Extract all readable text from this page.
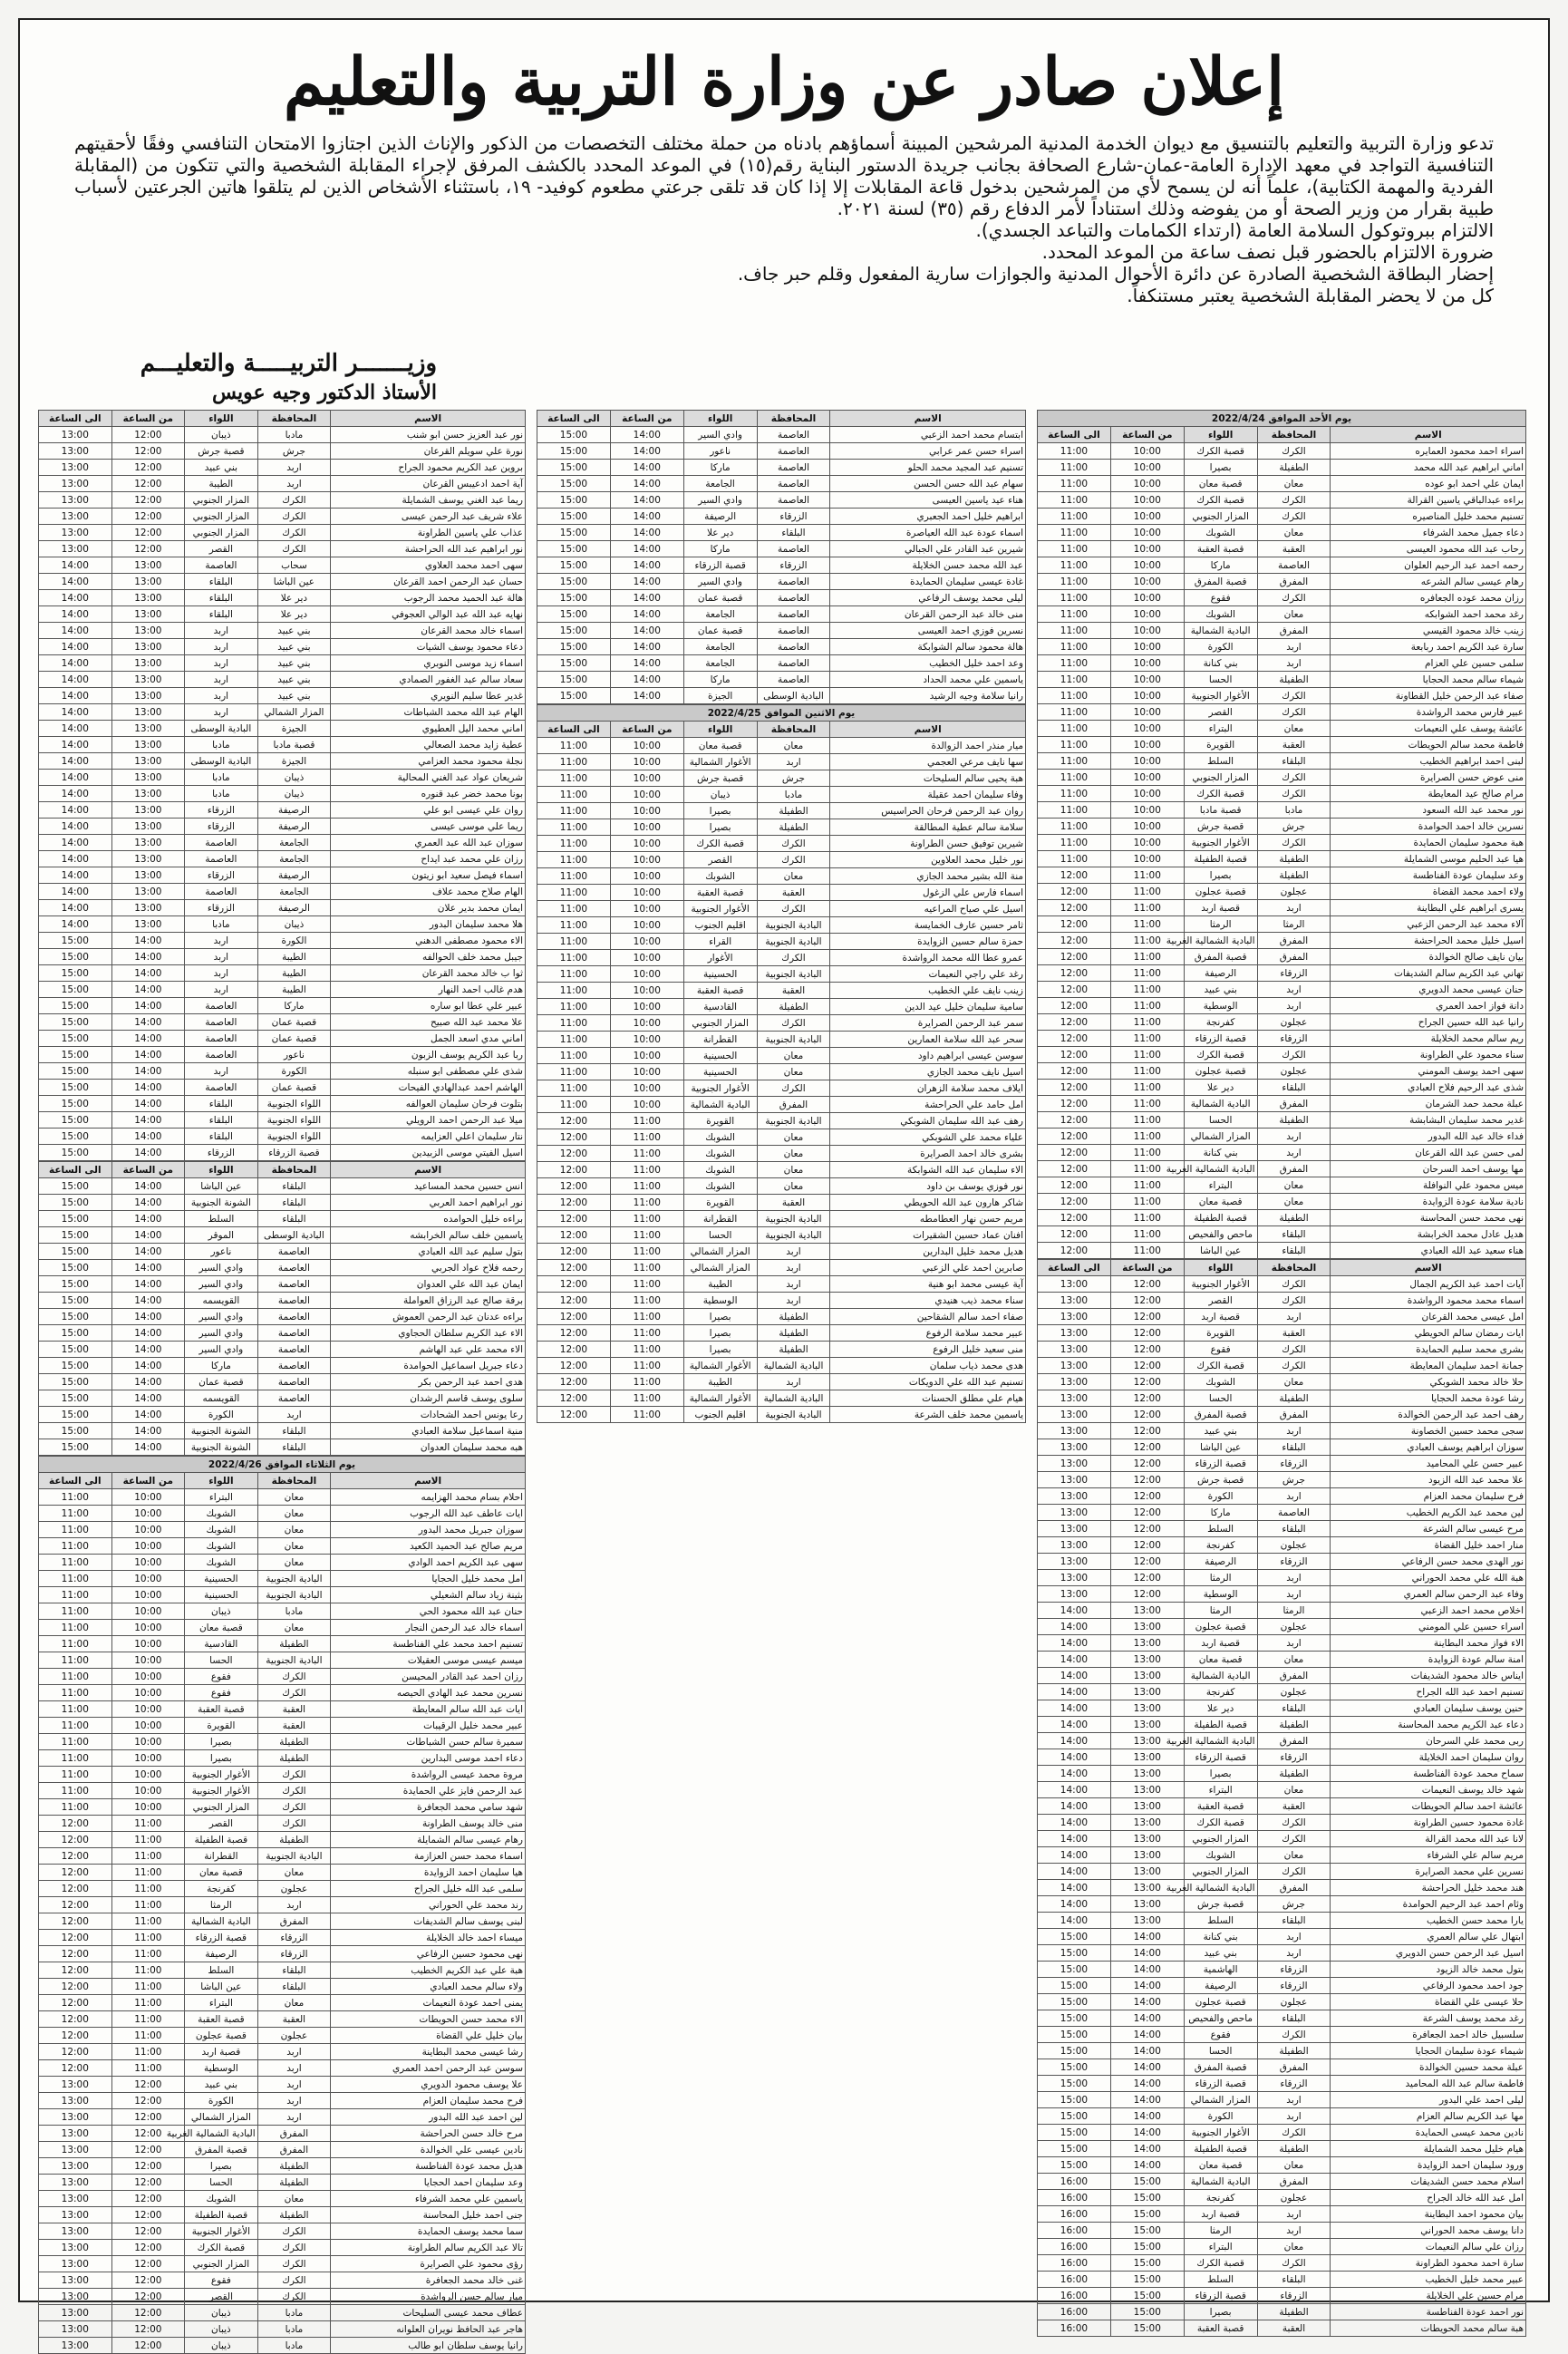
إعلان صادر عن وزارة التربية والتعليم

تدعو وزارة التربية والتعليم بالتنسيق مع ديوان الخدمة المدنية المرشحين المبينة أسماؤهم بادناه من حملة مختلف التخصصات من الذكور والإناث الذين اجتازوا الامتحان التنافسي وفقًا لأحقيتهم التنافسية التواجد في معهد الإدارة العامة-عمان-شارع الصحافة بجانب جريدة الدستور البناية رقم(١٥) في الموعد المحدد بالكشف المرفق لإجراء المقابلة الشخصية والتي تتكون من (المقابلة الفردية والمهمة الكتابية)، علماً أنه لن يسمح لأي من المرشحين بدخول قاعة المقابلات إلا إذا كان قد تلقى جرعتي مطعوم كوفيد- ١٩، باستثناء الأشخاص الذين لم يتلقوا هاتين الجرعتين لأسباب طبية بقرار من وزير الصحة أو من يفوضه وذلك استناداً لأمر الدفاع رقم (٣٥) لسنة ٢٠٢١.

الالتزام ببروتوكول السلامة العامة (ارتداء الكمامات والتباعد الجسدي).

ضرورة الالتزام بالحضور قبل نصف ساعة من الموعد المحدد.

إحضار البطاقة الشخصية الصادرة عن دائرة الأحوال المدنية والجوازات سارية المفعول وقلم حبر جاف.

كل من لا يحضر المقابلة الشخصية يعتبر مستنكفاً.

وزيـــــــر التربيـــــة والتعليـــم
الأستاذ الدكتور وجيه عويس
يوم الأحد الموافق 2022/4/24				
الاسم	المحافظة	اللواء	من الساعة	الى الساعة
اسراء احمد محمود العمايره	الكرك	قصبة الكرك	10:00	11:00
اماني ابراهيم عبد الله محمد	الطفيلة	بصيرا	10:00	11:00
ايمان علي احمد ابو عوده	معان	قصبة معان	10:00	11:00
براءه عبدالباقي ياسين القرالة	الكرك	قصبة الكرك	10:00	11:00
تسنيم محمد خليل المناصيره	الكرك	المزار الجنوبي	10:00	11:00
دعاء جميل محمد الشرفاء	معان	الشوبك	10:00	11:00
رحاب عبد الله محمود العيسى	العقبة	قصبة العقبة	10:00	11:00
رحمه احمد عبد الرحيم العلوان	العاصمة	ماركا	10:00	11:00
رهام عيسى سالم الشرعه	المفرق	قصبة المفرق	10:00	11:00
رزان محمد عوده الجعافره	الكرك	فقوع	10:00	11:00
رغد محمد احمد الشوابكه	معان	الشوبك	10:00	11:00
زينب خالد محمود القيسي	المفرق	البادية الشمالية	10:00	11:00
سارة عبد الكريم احمد ربابعة	اربد	الكورة	10:00	11:00
سلمى حسين علي العزام	اربد	بني كنانة	10:00	11:00
شيماء سالم محمد الحجايا	الطفيلة	الحسا	10:00	11:00
صفاء عبد الرحمن خليل القطاونة	الكرك	الأغوار الجنوبية	10:00	11:00
عبير فارس محمد الرواشدة	الكرك	القصر	10:00	11:00
عائشة يوسف علي النعيمات	معان	البتراء	10:00	11:00
فاطمة محمد سالم الحويطات	العقبة	القويرة	10:00	11:00
لبنى احمد ابراهيم الخطيب	البلقاء	السلط	10:00	11:00
منى عوض حسن الصرايرة	الكرك	المزار الجنوبي	10:00	11:00
مرام صالح عيد المعايطة	الكرك	قصبة الكرك	10:00	11:00
نور محمد عبد الله السعود	مادبا	قصبة مادبا	10:00	11:00
نسرين خالد احمد الحوامدة	جرش	قصبة جرش	10:00	11:00
هبة محمود سليمان الحمايدة	الكرك	الأغوار الجنوبية	10:00	11:00
هيا عبد الحليم موسى الشمايلة	الطفيلة	قصبة الطفيلة	10:00	11:00
وعد سليمان عودة الفناطسة	الطفيلة	بصيرا	11:00	12:00
ولاء احمد محمد القضاة	عجلون	قصبة عجلون	11:00	12:00
يسرى ابراهيم علي البطاينة	اربد	قصبة اربد	11:00	12:00
آلاء محمد عبد الرحمن الزعبي	الرمثا	الرمثا	11:00	12:00
اسيل خليل محمد الحراحشة	المفرق	البادية الشمالية الغربية	11:00	12:00
بيان نايف صالح الخوالدة	المفرق	قصبة المفرق	11:00	12:00
تهاني عبد الكريم سالم الشديفات	الزرقاء	الرصيفة	11:00	12:00
حنان عيسى محمد الدويري	اربد	بني عبيد	11:00	12:00
دانة فواز احمد العمري	اربد	الوسطية	11:00	12:00
رانيا عبد الله حسين الجراح	عجلون	كفرنجة	11:00	12:00
ريم سالم محمد الخلايلة	الزرقاء	قصبة الزرقاء	11:00	12:00
سناء محمود علي الطراونة	الكرك	قصبة الكرك	11:00	12:00
سهى احمد يوسف المومني	عجلون	قصبة عجلون	11:00	12:00
شذى عبد الرحيم فلاح العبادي	البلقاء	دير علا	11:00	12:00
عبلة محمد حمد الشرمان	المفرق	البادية الشمالية	11:00	12:00
غدير محمد سليمان البشابشة	الطفيلة	الحسا	11:00	12:00
فداء خالد عبد الله البدور	اربد	المزار الشمالي	11:00	12:00
لمى حسن عبد الله القرعان	اربد	بني كنانة	11:00	12:00
مها يوسف احمد السرحان	المفرق	البادية الشمالية الغربية	11:00	12:00
ميس محمود علي النوافلة	معان	البتراء	11:00	12:00
نادية سلامة عودة الزوايدة	معان	قصبة معان	11:00	12:00
نهى محمد حسن المحاسنة	الطفيلة	قصبة الطفيلة	11:00	12:00
هديل عادل محمد الخرابشة	البلقاء	ماحص والفحيص	11:00	12:00
هناء سعيد عبد الله العبادي	البلقاء	عين الباشا	11:00	12:00
الاسم	المحافظة	اللواء	من الساعة	الى الساعة
آيات احمد عبد الكريم الجمال	الكرك	الأغوار الجنوبية	12:00	13:00
اسماء محمد محمود الرواشدة	الكرك	القصر	12:00	13:00
امل عيسى محمد القرعان	اربد	قصبة اربد	12:00	13:00
ايات رمضان سالم الحويطي	العقبة	القويرة	12:00	13:00
بشرى محمد سليم الحمايدة	الكرك	فقوع	12:00	13:00
جمانة احمد سليمان المعايطة	الكرك	قصبة الكرك	12:00	13:00
حلا خالد محمد الشوبكي	معان	الشوبك	12:00	13:00
رشا عودة محمد الحجايا	الطفيلة	الحسا	12:00	13:00
رهف احمد عبد الرحمن الخوالدة	المفرق	قصبة المفرق	12:00	13:00
سجى محمد حسين الخصاونة	اربد	بني عبيد	12:00	13:00
سوزان ابراهيم يوسف العبادي	البلقاء	عين الباشا	12:00	13:00
عبير حسن علي المحاميد	الزرقاء	قصبة الزرقاء	12:00	13:00
علا محمد عبد الله الزيود	جرش	قصبة جرش	12:00	13:00
فرح سليمان محمد العزام	اربد	الكورة	12:00	13:00
لين محمد عبد الكريم الخطيب	العاصمة	ماركا	12:00	13:00
مرح عيسى سالم الشرعة	البلقاء	السلط	12:00	13:00
منار احمد خليل القضاة	عجلون	كفرنجة	12:00	13:00
نور الهدى محمد حسن الرفاعي	الزرقاء	الرصيفة	12:00	13:00
هبة الله علي محمد الحوراني	اربد	الرمثا	12:00	13:00
وفاء عبد الرحمن سالم العمري	اربد	الوسطية	12:00	13:00
اخلاص محمد احمد الزعبي	الرمثا	الرمثا	13:00	14:00
اسراء حسين علي المومني	عجلون	قصبة عجلون	13:00	14:00
الاء فواز محمد البطاينة	اربد	قصبة اربد	13:00	14:00
امنة سالم عودة الزوايدة	معان	قصبة معان	13:00	14:00
ايناس خالد محمود الشديفات	المفرق	البادية الشمالية	13:00	14:00
تسنيم احمد عبد الله الجراح	عجلون	كفرنجة	13:00	14:00
حنين يوسف سليمان العبادي	البلقاء	دير علا	13:00	14:00
دعاء عبد الكريم محمد المحاسنة	الطفيلة	قصبة الطفيلة	13:00	14:00
ربى محمد علي السرحان	المفرق	البادية الشمالية الغربية	13:00	14:00
روان سليمان احمد الخلايلة	الزرقاء	قصبة الزرقاء	13:00	14:00
سماح محمد عودة الفناطسة	الطفيلة	بصيرا	13:00	14:00
شهد خالد يوسف النعيمات	معان	البتراء	13:00	14:00
عائشة احمد سالم الحويطات	العقبة	قصبة العقبة	13:00	14:00
غادة محمود حسين الطراونة	الكرك	قصبة الكرك	13:00	14:00
لانا عبد الله محمد القرالة	الكرك	المزار الجنوبي	13:00	14:00
مريم سالم علي الشرفاء	معان	الشوبك	13:00	14:00
نسرين علي محمد الصرايرة	الكرك	المزار الجنوبي	13:00	14:00
هند محمد خليل الحراحشة	المفرق	البادية الشمالية الغربية	13:00	14:00
وئام احمد عبد الرحيم الحوامدة	جرش	قصبة جرش	13:00	14:00
يارا محمد حسن الخطيب	البلقاء	السلط	13:00	14:00
ابتهال علي سالم العمري	اربد	بني كنانة	14:00	15:00
اسيل عبد الرحمن حسن الدويري	اربد	بني عبيد	14:00	15:00
بتول محمد خالد الزيود	الزرقاء	الهاشمية	14:00	15:00
جود احمد محمود الرفاعي	الزرقاء	الرصيفة	14:00	15:00
حلا عيسى علي القضاة	عجلون	قصبة عجلون	14:00	15:00
رغد محمد يوسف الشرعة	البلقاء	ماحص والفحيص	14:00	15:00
سلسبيل خالد احمد الجعافرة	الكرك	فقوع	14:00	15:00
شيماء عودة سليمان الحجايا	الطفيلة	الحسا	14:00	15:00
عبلة محمد حسين الخوالدة	المفرق	قصبة المفرق	14:00	15:00
فاطمة سالم عبد الله المحاميد	الزرقاء	قصبة الزرقاء	14:00	15:00
ليلى احمد علي البدور	اربد	المزار الشمالي	14:00	15:00
مها عبد الكريم سالم العزام	اربد	الكورة	14:00	15:00
نادين محمد عيسى الحمايدة	الكرك	الأغوار الجنوبية	14:00	15:00
هيام خليل محمد الشمايلة	الطفيلة	قصبة الطفيلة	14:00	15:00
ورود سليمان احمد الزوايدة	معان	قصبة معان	14:00	15:00
اسلام محمد حسن الشديفات	المفرق	البادية الشمالية	15:00	16:00
امل عبد الله خالد الجراح	عجلون	كفرنجة	15:00	16:00
بيان محمود احمد البطاينة	اربد	قصبة اربد	15:00	16:00
دانا يوسف محمد الحوراني	اربد	الرمثا	15:00	16:00
رزان علي سالم النعيمات	معان	البتراء	15:00	16:00
سارة احمد محمود الطراونة	الكرك	قصبة الكرك	15:00	16:00
عبير محمد خليل الخطيب	البلقاء	السلط	15:00	16:00
مرام حسين علي الخلايلة	الزرقاء	قصبة الزرقاء	15:00	16:00
نور احمد عودة الفناطسة	الطفيلة	بصيرا	15:00	16:00
هبة سالم محمد الحويطات	العقبة	قصبة العقبة	15:00	16:00
الاسم	المحافظة	اللواء	من الساعة	الى الساعة
ابتسام محمد احمد الزعبي	العاصمة	وادي السير	14:00	15:00
اسراء حسن عمر عرابي	العاصمة	ناعور	14:00	15:00
تسنيم عبد المجيد محمد الحلو	العاصمة	ماركا	14:00	15:00
سهام عبد الله حسن الحسن	العاصمة	الجامعة	14:00	15:00
هناء عيد ياسين العيسى	العاصمة	وادي السير	14:00	15:00
ابراهيم خليل احمد الجعبري	الزرقاء	الرصيفة	14:00	15:00
اسماء عودة عبد الله العياصرة	البلقاء	دير علا	14:00	15:00
شيرين عبد القادر علي الجبالي	العاصمة	ماركا	14:00	15:00
عبد الله محمد حسن الخلايلة	الزرقاء	قصبة الزرقاء	14:00	15:00
غادة عيسى سليمان الحمايدة	العاصمة	وادي السير	14:00	15:00
ليلى محمد يوسف الرفاعي	العاصمة	قصبة عمان	14:00	15:00
منى خالد عبد الرحمن القرعان	العاصمة	الجامعة	14:00	15:00
نسرين فوزي احمد العيسى	العاصمة	قصبة عمان	14:00	15:00
هالة محمود سالم الشوابكة	العاصمة	الجامعة	14:00	15:00
وعد احمد خليل الخطيب	العاصمة	الجامعة	14:00	15:00
ياسمين علي محمد الحداد	العاصمة	ماركا	14:00	15:00
رانيا سلامة وجيه الرشيد	البادية الوسطى	الجيزة	14:00	15:00
يوم الاثنين الموافق 2022/4/25				
الاسم	المحافظة	اللواء	من الساعة	الى الساعة
ميار منذر احمد الزوالدة	معان	قصبة معان	10:00	11:00
سها نايف مرعي العجمي	اربد	الأغوار الشمالية	10:00	11:00
هبة يحيى سالم السليحات	جرش	قصبة جرش	10:00	11:00
وفاء سليمان احمد عقيلة	مادبا	ذيبان	10:00	11:00
روان عبد الرحمن فرحان الحراسيس	الطفيلة	بصيرا	10:00	11:00
سلامة سالم عطية المطالقة	الطفيلة	بصيرا	10:00	11:00
شيرين توفيق حسن الطراونة	الكرك	قصبة الكرك	10:00	11:00
نور خليل محمد العلاوين	الكرك	القصر	10:00	11:00
منة الله بشير محمد الجازي	معان	الشوبك	10:00	11:00
اسماء فارس علي الزغول	العقبة	قصبة العقبة	10:00	11:00
اسيل علي صياح المراعيه	الكرك	الأغوار الجنوبية	10:00	11:00
ثامر حسين عارف الخمايسة	البادية الجنوبية	اقليم الجنوب	10:00	11:00
حمزة سالم حسين الزوايدة	البادية الجنوبية	القراء	10:00	11:00
عمرو عطا الله محمد الرواشدة	الكرك	الأغوار	10:00	11:00
رغد علي راجي النعيمات	البادية الجنوبية	الحسينية	10:00	11:00
زينب نايف علي الخطيب	العقبة	قصبة العقبة	10:00	11:00
سامية سليمان خليل عيد الدين	الطفيلة	القادسية	10:00	11:00
سمر عبد الرحمن الصرايرة	الكرك	المزار الجنوبي	10:00	11:00
سحر عبد الله سلامة العمارين	البادية الجنوبية	القطرانة	10:00	11:00
سوسن عيسى ابراهيم داود	معان	الحسينية	10:00	11:00
اسيل نايف محمد الجازي	معان	الحسينية	10:00	11:00
ايلاف محمد سلامة الزهران	الكرك	الأغوار الجنوبية	10:00	11:00
امل حامد علي الحراحشة	المفرق	البادية الشمالية	10:00	11:00
رهف عبد الله سليمان الشوبكي	البادية الجنوبية	القويرة	11:00	12:00
علياء محمد علي الشوبكي	معان	الشوبك	11:00	12:00
بشرى خالد احمد الصرايرة	معان	الشوبك	11:00	12:00
الاء سليمان عبد الله الشوابكة	معان	الشوبك	11:00	12:00
نور فوزي يوسف بن داود	معان	الشوبك	11:00	12:00
شاكر هارون عبد الله الحويطي	العقبة	القويرة	11:00	12:00
مريم حسن نهار العطامطه	البادية الجنوبية	القطرانة	11:00	12:00
افنان عماد حسين الشقيرات	البادية الجنوبية	الحسا	11:00	12:00
هديل محمد خليل البدارين	اربد	المزار الشمالي	11:00	12:00
صابرين احمد علي الزعبي	اربد	المزار الشمالي	11:00	12:00
آية عيسى محمد ابو هنية	اربد	الطيبة	11:00	12:00
سناء محمد ذيب هنيدي	اربد	الوسطية	11:00	12:00
صفاء احمد سالم الشقاحين	الطفيلة	بصيرا	11:00	12:00
عبير محمد سلامة الرفوع	الطفيلة	بصيرا	11:00	12:00
منى سعيد خليل الرفوع	الطفيلة	بصيرا	11:00	12:00
هدى محمد ذياب سلمان	البادية الشمالية	الأغوار الشمالية	11:00	12:00
تسنيم عبد الله علي الدويكات	اربد	الطيبة	11:00	12:00
هيام علي مطلق الحسنات	البادية الشمالية	الأغوار الشمالية	11:00	12:00
ياسمين محمد خلف الشرعة	البادية الجنوبية	اقليم الجنوب	11:00	12:00
الاسم	المحافظة	اللواء	من الساعة	الى الساعة
نور عبد العزيز حسن ابو شنب	مادبا	ذيبان	12:00	13:00
نورة علي سويلم القرعان	جرش	قصبة جرش	12:00	13:00
بروين عبد الكريم محمود الجراح	اربد	بني عبيد	12:00	13:00
آية احمد ادعيبس القرعان	اربد	الطيبة	12:00	13:00
ريما عبد الغني يوسف الشمايلة	الكرك	المزار الجنوبي	12:00	13:00
علاء شريف عبد الرحمن عيسى	الكرك	المزار الجنوبي	12:00	13:00
عذاب علي ياسين الطراونة	الكرك	المزار الجنوبي	12:00	13:00
نور ابراهيم عبد الله الحراحشة	الكرك	القصر	12:00	13:00
سهى احمد محمد العلاوي	سحاب	العاصمة	13:00	14:00
حسان عبد الرحمن احمد القرعان	عين الباشا	البلقاء	13:00	14:00
هالة عبد الحميد محمد الرجوب	دير علا	البلقاء	13:00	14:00
نهايه عبد الله عبد الوالي العجوفي	دير علا	البلقاء	13:00	14:00
اسماء خالد محمد القرعان	بني عبيد	اربد	13:00	14:00
دعاء محمود يوسف الشيات	بني عبيد	اربد	13:00	14:00
اسماء زيد موسى النوبري	بني عبيد	اربد	13:00	14:00
سعاد سالم عبد الغفور الصمادي	بني عبيد	اربد	13:00	14:00
غدير عطا سليم النويري	بني عبيد	اربد	13:00	14:00
الهام عبد الله محمد الشباطات	المزار الشمالي	اربد	13:00	14:00
اماني محمد اليل العطيوي	الجيزة	البادية الوسطى	13:00	14:00
عطية زايد محمد الصعالي	قصبة مادبا	مادبا	13:00	14:00
نجلة محمود محمد العزامي	الجيزة	البادية الوسطى	13:00	14:00
شريعان عواد عبد الغني المحالية	ذيبان	مادبا	13:00	14:00
بونا محمد خضر عبد قنوره	ذيبان	مادبا	13:00	14:00
روان علي عيسى ابو علي	الرصيفة	الزرقاء	13:00	14:00
ريما علي موسى عيسى	الرصيفة	الزرقاء	13:00	14:00
سوزان عبد الله عبد العمري	الجامعة	العاصمة	13:00	14:00
رزان علي محمد عبد ايداح	الجامعة	العاصمة	13:00	14:00
اسماء فيصل سعيد ابو زيتون	الرصيفة	الزرقاء	13:00	14:00
الهام صلاح محمد علاف	الجامعة	العاصمة	13:00	14:00
ايمان محمد بدير علان	الرصيفة	الزرقاء	13:00	14:00
هلا محمد سليمان البدور	ذيبان	مادبا	13:00	14:00
الاء محمود مصطفى الدهني	الكورة	اربد	14:00	15:00
جيبل محمد خلف الحوالفه	الطيبة	اربد	14:00	15:00
ثوا ب خالد محمد القرعان	الطيبة	اربد	14:00	15:00
هدم غالب احمد النهار	الطيبة	اربد	14:00	15:00
عبير علي عطا ابو ساره	ماركا	العاصمة	14:00	15:00
علا محمد عبد الله صبيح	قصبة عمان	العاصمة	14:00	15:00
اماني مدي اسعد الجمل	قصبة عمان	العاصمة	14:00	15:00
ربا عبد الكريم يوسف الزبون	ناعور	العاصمة	14:00	15:00
شذى علي مصطفى ابو سنبله	الكورة	اربد	14:00	15:00
الهاشم احمد عبدالهادي الفيحات	قصبة عمان	العاصمة	14:00	15:00
بتلوت فرحان سليمان العوالفه	اللواء الجنوبية	البلقاء	14:00	15:00
ميلا عبد الرحمن احمد الرويلي	اللواء الجنوبية	البلقاء	14:00	15:00
نتار سليمان اعلي العزايمه	اللواء الجنوبية	البلقاء	14:00	15:00
اسيل الفيتي موسى الزبيدين	قصبة الزرقاء	الزرقاء	14:00	15:00
الاسم	المحافظة	اللواء	من الساعة	الى الساعة
انس حسين محمد المساعيد	البلقاء	عين الباشا	14:00	15:00
نور ابراهيم احمد العربي	البلقاء	الشونة الجنوبية	14:00	15:00
براءه خليل الحوامده	البلقاء	السلط	14:00	15:00
ياسمين خلف سالم الخرابشه	البادية الوسطى	الموقر	14:00	15:00
بتول سليم عبد الله العبادي	العاصمة	ناعور	14:00	15:00
رحمه فلاح عواد الجربي	العاصمة	وادي السير	14:00	15:00
ايمان عبد الله علي العدوان	العاصمة	وادي السير	14:00	15:00
برقة صالح عبد الرزاق العواملة	العاصمة	القويسمه	14:00	15:00
براءه عدنان عبد الرحمن العموش	العاصمة	وادي السير	14:00	15:00
الاء عبد الكريم سلطان الحجاوي	العاصمة	وادي السير	14:00	15:00
الاء محمد علي عبد الهاشم	العاصمة	وادي السير	14:00	15:00
دعاء جبريل اسماعيل الحوامدة	العاصمة	ماركا	14:00	15:00
هدى احمد عبد الرحمن بكر	العاصمة	قصبة عمان	14:00	15:00
سلوى يوسف قاسم الرشدان	العاصمة	القويسمه	14:00	15:00
رعا يونس احمد الشحادات	اربد	الكورة	14:00	15:00
منية اسماعيل سلامة العبادي	البلقاء	الشونة الجنوبية	14:00	15:00
هبه محمد سليمان العدوان	البلقاء	الشونة الجنوبية	14:00	15:00
يوم الثلاثاء الموافق 2022/4/26				
الاسم	المحافظة	اللواء	من الساعة	الى الساعة
احلام بسام محمد الهزايمه	معان	البتراء	10:00	11:00
ايات عاطف عبد الله الرجوب	معان	الشوبك	10:00	11:00
سوزان جبريل محمد البدور	معان	الشوبك	10:00	11:00
مريم صالح عبد الحميد الكعيد	معان	الشوبك	10:00	11:00
سهى عبد الكريم احمد الوادي	معان	الشوبك	10:00	11:00
امل محمد خليل الحجايا	البادية الجنوبية	الحسينية	10:00	11:00
بثينة زياد سالم الشعيلي	البادية الجنوبية	الحسينية	10:00	11:00
حنان عبد الله محمود الحي	مادبا	ذيبان	10:00	11:00
اسماء خالد عبد الرحمن النجار	معان	قصبة معان	10:00	11:00
تسنيم احمد محمد علي الفناطسة	الطفيلة	القادسية	10:00	11:00
ميسم عيسى موسى العقيلات	البادية الجنوبية	الحسا	10:00	11:00
رزان احمد عبد القادر المحيسن	الكرك	فقوع	10:00	11:00
نسرين محمد عبد الهادي الحيصه	الكرك	فقوع	10:00	11:00
ايات عبد الله سالم المعايطة	العقبة	قصبة العقبة	10:00	11:00
عبير محمد خليل الرقيبات	العقبة	القويرة	10:00	11:00
سميرة سالم حسن الشباطات	الطفيلة	بصيرا	10:00	11:00
دعاء احمد موسى البدارين	الطفيلة	بصيرا	10:00	11:00
مروة محمد عيسى الرواشدة	الكرك	الأغوار الجنوبية	10:00	11:00
عبد الرحمن فايز علي الحمايدة	الكرك	الأغوار الجنوبية	10:00	11:00
شهد سامي محمد الجعافرة	الكرك	المزار الجنوبي	10:00	11:00
منى خالد يوسف الطراونة	الكرك	القصر	11:00	12:00
رهام عيسى سالم الشمايلة	الطفيلة	قصبة الطفيلة	11:00	12:00
اسماء محمد حسن العزازمة	البادية الجنوبية	القطرانة	11:00	12:00
هيا سليمان احمد الزوايدة	معان	قصبة معان	11:00	12:00
سلمى عبد الله خليل الجراح	عجلون	كفرنجة	11:00	12:00
رند محمد علي الحوراني	اربد	الرمثا	11:00	12:00
لبنى يوسف سالم الشديفات	المفرق	البادية الشمالية	11:00	12:00
ميساء احمد خالد الخلايلة	الزرقاء	قصبة الزرقاء	11:00	12:00
نهى محمود حسين الرفاعي	الزرقاء	الرصيفة	11:00	12:00
هبة علي عبد الكريم الخطيب	البلقاء	السلط	11:00	12:00
ولاء سالم محمد العبادي	البلقاء	عين الباشا	11:00	12:00
يمنى احمد عودة النعيمات	معان	البتراء	11:00	12:00
الاء محمد حسن الحويطات	العقبة	قصبة العقبة	11:00	12:00
بيان خليل علي القضاة	عجلون	قصبة عجلون	11:00	12:00
رشا عيسى محمد البطاينة	اربد	قصبة اربد	11:00	12:00
سوسن عبد الرحمن احمد العمري	اربد	الوسطية	11:00	12:00
علا يوسف محمود الدويري	اربد	بني عبيد	12:00	13:00
فرح محمد سليمان العزام	اربد	الكورة	12:00	13:00
لين احمد عبد الله البدور	اربد	المزار الشمالي	12:00	13:00
مرح خالد حسن الحراحشة	المفرق	البادية الشمالية الغربية	12:00	13:00
نادين عيسى علي الخوالدة	المفرق	قصبة المفرق	12:00	13:00
هديل محمد عودة الفناطسة	الطفيلة	بصيرا	12:00	13:00
وعد سليمان احمد الحجايا	الطفيلة	الحسا	12:00	13:00
ياسمين علي محمد الشرفاء	معان	الشوبك	12:00	13:00
جنى احمد خليل المحاسنة	الطفيلة	قصبة الطفيلة	12:00	13:00
سما محمد يوسف الحمايدة	الكرك	الأغوار الجنوبية	12:00	13:00
تالا عبد الكريم سالم الطراونة	الكرك	قصبة الكرك	12:00	13:00
رؤى محمود علي الصرايرة	الكرك	المزار الجنوبي	12:00	13:00
غنى خالد محمد الجعافرة	الكرك	فقوع	12:00	13:00
ميار سالم حسن الرواشدة	الكرك	القصر	12:00	13:00
عطاف محمد عيسى السليحات	مادبا	ذيبان	12:00	13:00
هاجر عبد الحافظ نويران العلوانه	مادبا	ذيبان	12:00	13:00
رانيا يوسف سلطان ابو طالب	مادبا	ذيبان	12:00	13:00
